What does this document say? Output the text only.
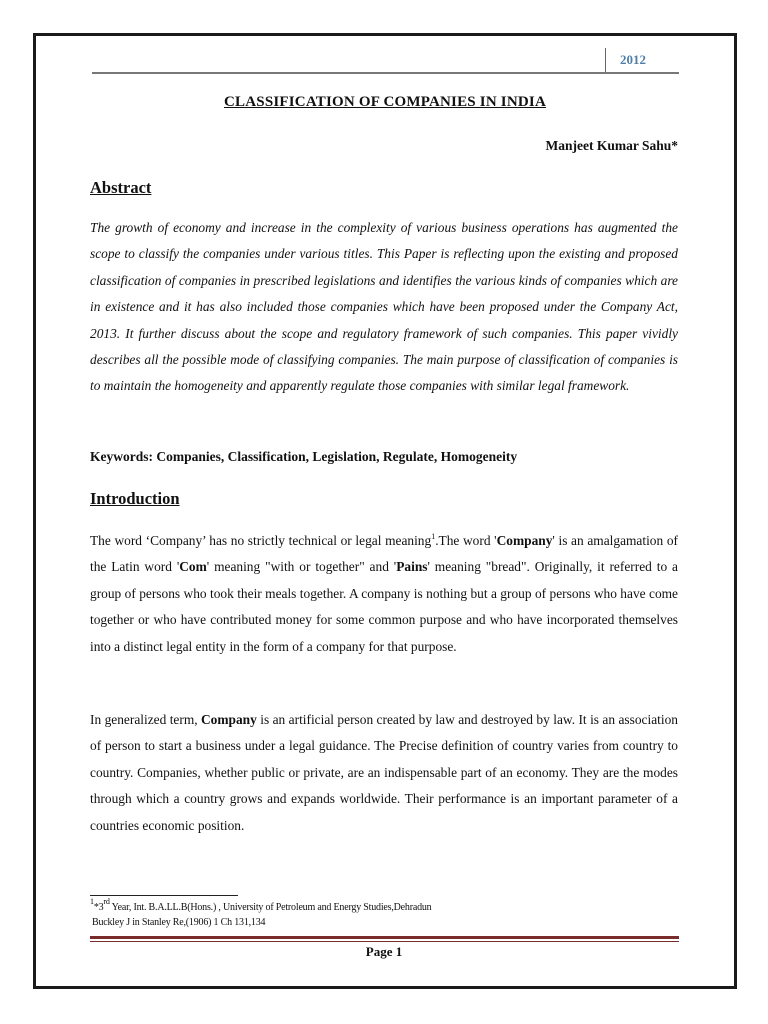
2012
CLASSIFICATION OF COMPANIES IN INDIA
Manjeet Kumar Sahu*
Abstract
The growth of economy and increase in the complexity of various business operations has augmented the scope to classify the companies under various titles. This Paper is reflecting upon the existing and proposed classification of companies in prescribed legislations and identifies the various kinds of companies which are in existence and it has also included those companies which have been proposed under the Company Act, 2013. It further discuss about the scope and regulatory framework of such companies. This paper vividly describes all the possible mode of classifying companies. The main purpose of classification of companies is to maintain the homogeneity and apparently regulate those companies with similar legal framework.
Keywords: Companies, Classification, Legislation, Regulate, Homogeneity
Introduction
The word ‘Company’ has no strictly technical or legal meaning$^1$.The word 'Company' is an amalgamation of the Latin word 'Com' meaning "with or together" and 'Pains' meaning "bread". Originally, it referred to a group of persons who took their meals together. A company is nothing but a group of persons who have come together or who have contributed money for some common purpose and who have incorporated themselves into a distinct legal entity in the form of a company for that purpose.
In generalized term, Company is an artificial person created by law and destroyed by law. It is an association of person to start a business under a legal guidance. The Precise definition of country varies from country to country. Companies, whether public or private, are an indispensable part of an economy. They are the modes through which a country grows and expands worldwide. Their performance is an important parameter of a countries economic position.
$^1$*3rd Year, Int. B.A.LL.B(Hons.) , University of Petroleum and Energy Studies,Dehradun
Buckley J in Stanley Re,(1906) 1 Ch 131,134
Page 1
